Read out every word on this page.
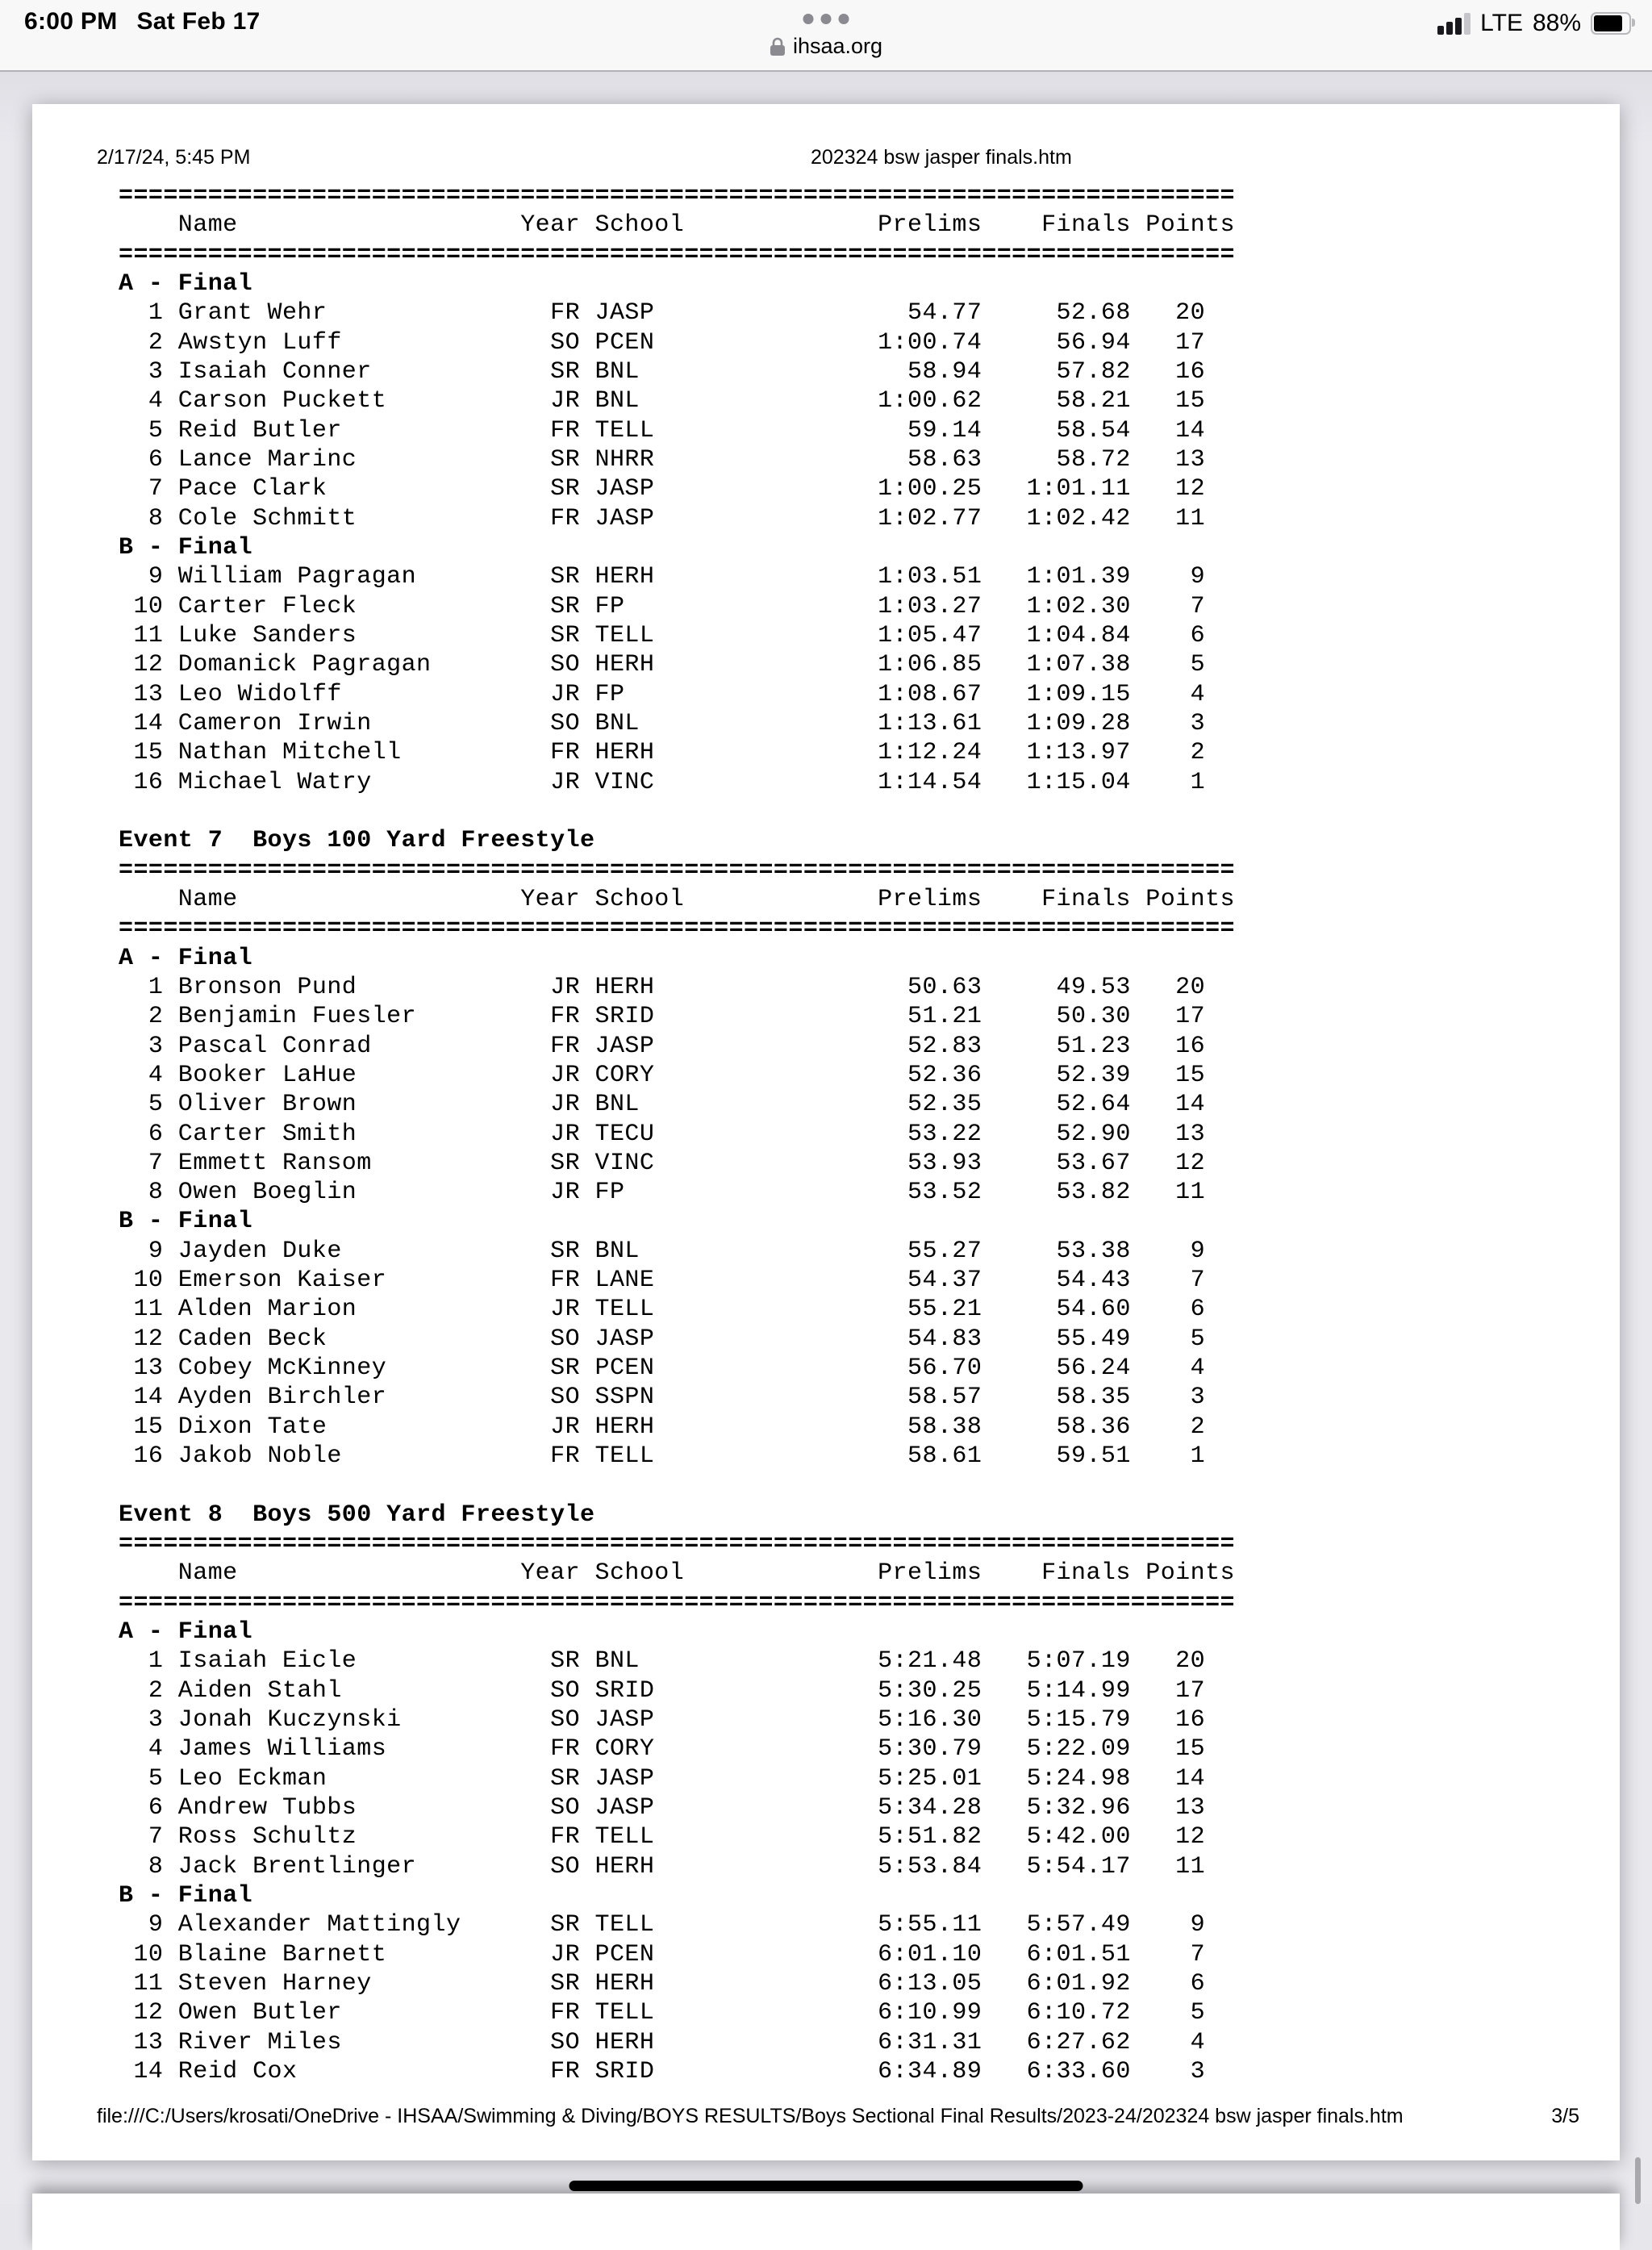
6:00 PM Sat Feb 17
ihsaa.org
LTE 88%
2/17/24, 5:45 PM	202324 bsw jasper finals.htm
===========================================================================
Name                   Year School             Prelims    Finals Points
===========================================================================
A - Final
1 Grant Wehr               FR JASP                 54.77     52.68   20
2 Awstyn Luff              SO PCEN               1:00.74     56.94   17
3 Isaiah Conner            SR BNL                  58.94     57.82   16
4 Carson Puckett           JR BNL                1:00.62     58.21   15
5 Reid Butler              FR TELL                 59.14     58.54   14
6 Lance Marinc             SR NHRR                 58.63     58.72   13
7 Pace Clark               SR JASP               1:00.25   1:01.11   12
8 Cole Schmitt             FR JASP               1:02.77   1:02.42   11
B - Final
9 William Pagragan         SR HERH               1:03.51   1:01.39    9
10 Carter Fleck             SR FP                 1:03.27   1:02.30    7
11 Luke Sanders             SR TELL               1:05.47   1:04.84    6
12 Domanick Pagragan        SO HERH               1:06.85   1:07.38    5
13 Leo Widolff              JR FP                 1:08.67   1:09.15    4
14 Cameron Irwin            SO BNL                1:13.61   1:09.28    3
15 Nathan Mitchell          FR HERH               1:12.24   1:13.97    2
16 Michael Watry            JR VINC               1:14.54   1:15.04    1

Event 7  Boys 100 Yard Freestyle
===========================================================================
Name                   Year School             Prelims    Finals Points
===========================================================================
A - Final
1 Bronson Pund             JR HERH                 50.63     49.53   20
2 Benjamin Fuesler         FR SRID                 51.21     50.30   17
3 Pascal Conrad            FR JASP                 52.83     51.23   16
4 Booker LaHue             JR CORY                 52.36     52.39   15
5 Oliver Brown             JR BNL                  52.35     52.64   14
6 Carter Smith             JR TECU                 53.22     52.90   13
7 Emmett Ransom            SR VINC                 53.93     53.67   12
8 Owen Boeglin             JR FP                   53.52     53.82   11
B - Final
9 Jayden Duke              SR BNL                  55.27     53.38    9
10 Emerson Kaiser           FR LANE                 54.37     54.43    7
11 Alden Marion             JR TELL                 55.21     54.60    6
12 Caden Beck               SO JASP                 54.83     55.49    5
13 Cobey McKinney           SR PCEN                 56.70     56.24    4
14 Ayden Birchler           SO SSPN                 58.57     58.35    3
15 Dixon Tate               JR HERH                 58.38     58.36    2
16 Jakob Noble              FR TELL                 58.61     59.51    1

Event 8  Boys 500 Yard Freestyle
===========================================================================
Name                   Year School             Prelims    Finals Points
===========================================================================
A - Final
1 Isaiah Eicle             SR BNL                5:21.48   5:07.19   20
2 Aiden Stahl              SO SRID               5:30.25   5:14.99   17
3 Jonah Kuczynski          SO JASP               5:16.30   5:15.79   16
4 James Williams           FR CORY               5:30.79   5:22.09   15
5 Leo Eckman               SR JASP               5:25.01   5:24.98   14
6 Andrew Tubbs             SO JASP               5:34.28   5:32.96   13
7 Ross Schultz             FR TELL               5:51.82   5:42.00   12
8 Jack Brentlinger         SO HERH               5:53.84   5:54.17   11
B - Final
9 Alexander Mattingly      SR TELL               5:55.11   5:57.49    9
10 Blaine Barnett           JR PCEN               6:01.10   6:01.51    7
11 Steven Harney            SR HERH               6:13.05   6:01.92    6
12 Owen Butler              FR TELL               6:10.99   6:10.72    5
13 River Miles              SO HERH               6:31.31   6:27.62    4
14 Reid Cox                 FR SRID               6:34.89   6:33.60    3
file:///C:/Users/krosati/OneDrive - IHSAA/Swimming & Diving/BOYS RESULTS/Boys Sectional Final Results/2023-24/202324 bsw jasper finals.htm	3/5
